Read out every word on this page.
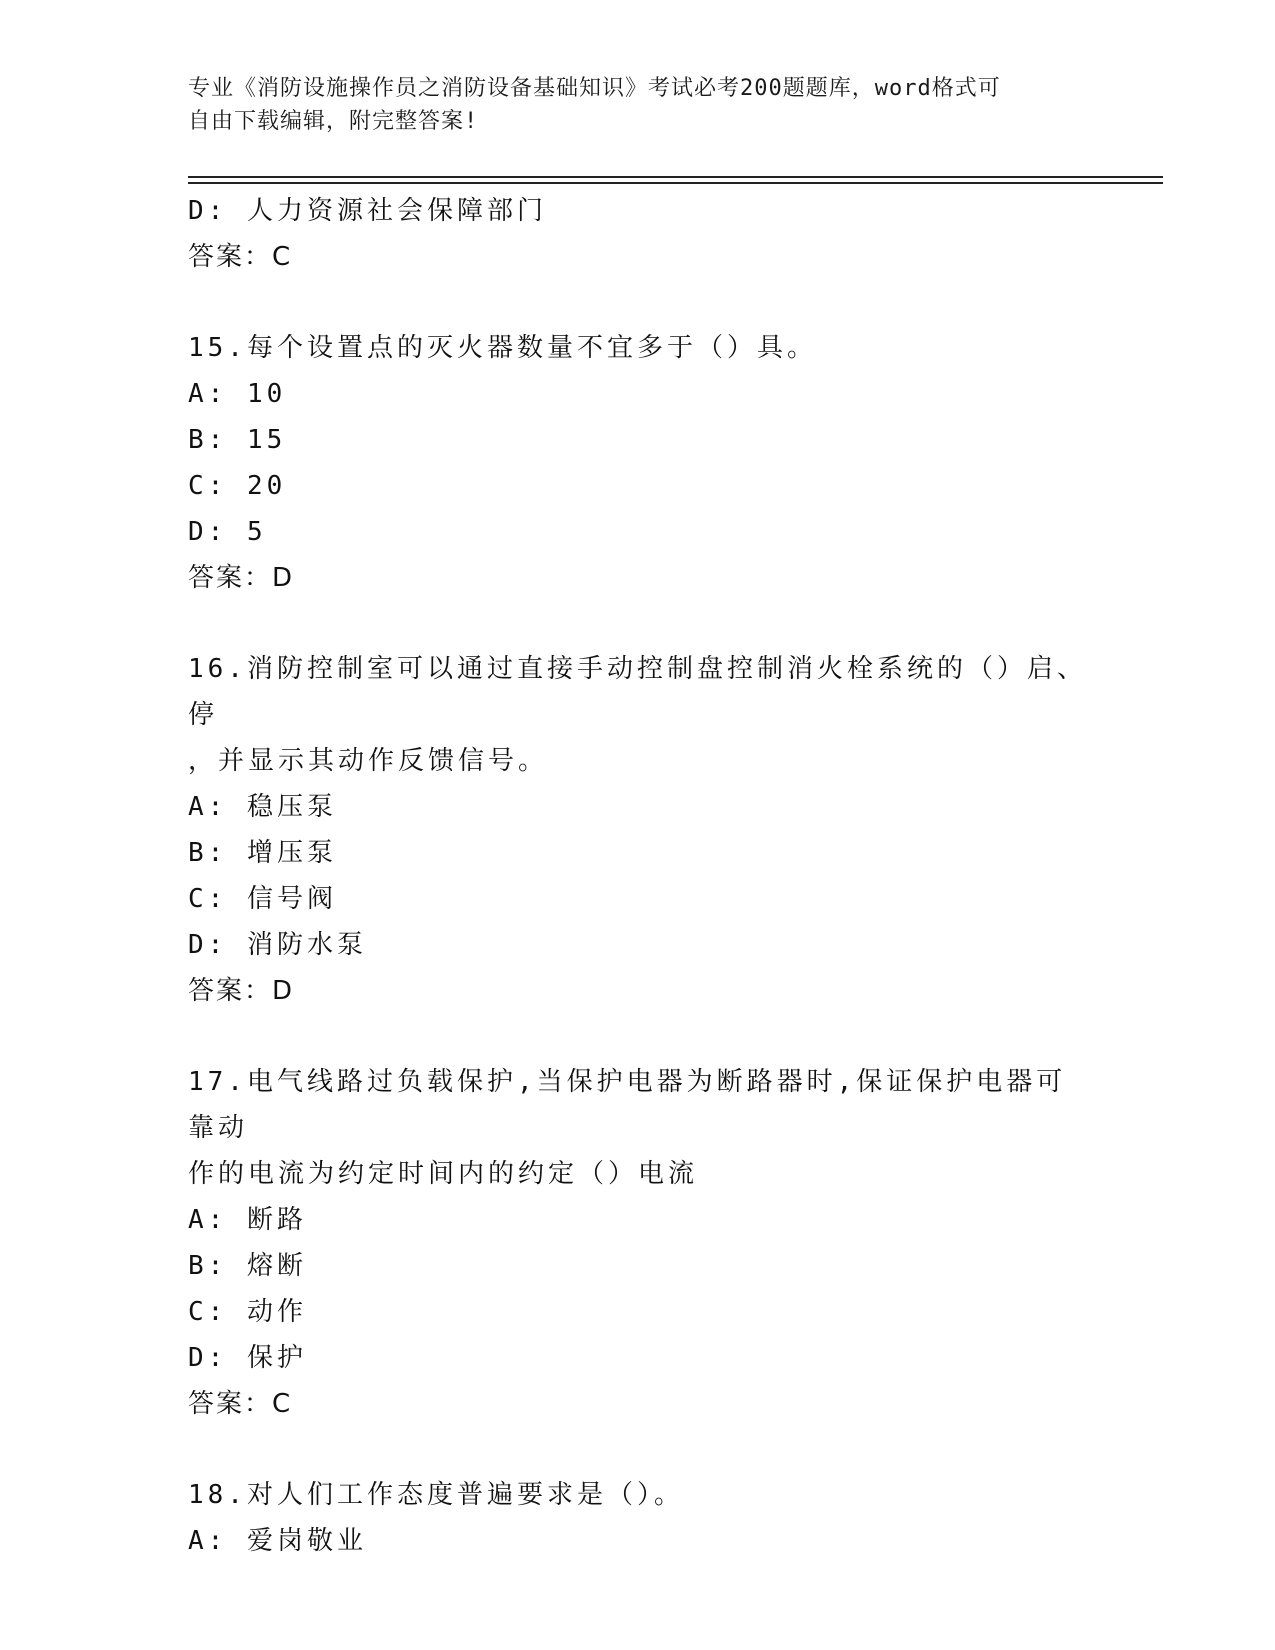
专业《消防设施操作员之消防设备基础知识》考试必考200题题库，word格式可
自由下载编辑，附完整答案!
D: 人力资源社会保障部门
答案：C
15.每个设置点的灭火器数量不宜多于（）具。
A: 10
B: 15
C: 20
D: 5
答案：D
16.消防控制室可以通过直接手动控制盘控制消火栓系统的（）启、停
，并显示其动作反馈信号。
A: 稳压泵
B: 增压泵
C: 信号阀
D: 消防水泵
答案：D
17.电气线路过负载保护,当保护电器为断路器时,保证保护电器可靠动
作的电流为约定时间内的约定（）电流
A: 断路
B: 熔断
C: 动作
D: 保护
答案：C
18.对人们工作态度普遍要求是（）。
A: 爱岗敬业
